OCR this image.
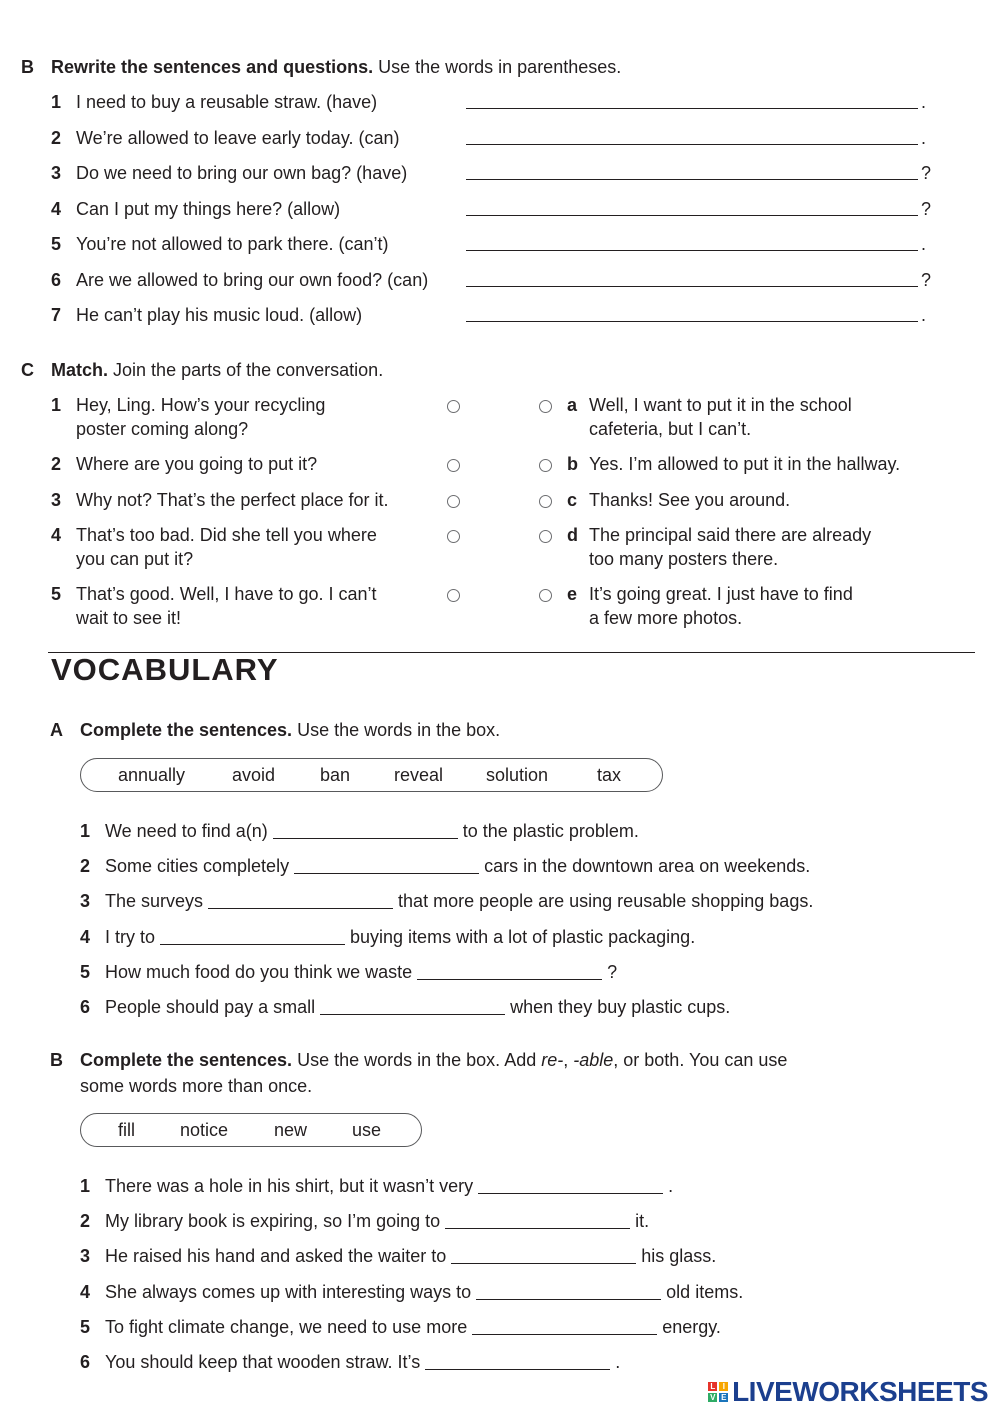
B Rewrite the sentences and questions. Use the words in parentheses.
1 I need to buy a reusable straw. (have)	.
2 We’re allowed to leave early today. (can)	.
3 Do we need to bring our own bag? (have)	?
4 Can I put my things here? (allow)	?
5 You’re not allowed to park there. (can’t)	.
6 Are we allowed to bring our own food? (can)	?
7 He can’t play his music loud. (allow)	.
C Match. Join the parts of the conversation.
1 Hey, Ling. How’s your recycling
poster coming along?
2 Where are you going to put it?
3 Why not? That’s the perfect place for it.
4 That’s too bad. Did she tell you where
you can put it?
5 That’s good. Well, I have to go. I can’t
wait to see it!
a Well, I want to put it in the school
cafeteria, but I can’t.
b Yes. I’m allowed to put it in the hallway.
c Thanks! See you around.
d The principal said there are already
too many posters there.
e It’s going great. I just have to find
a few more photos.
VOCABULARY
A Complete the sentences. Use the words in the box.
annually	avoid ban reveal solution	tax
1 We need to find a(n)	to the plastic problem.
2 Some cities completely	cars in the downtown area on weekends.
3 The surveys	that more people are using reusable shopping bags.
4 I try to	buying items with a lot of plastic packaging.
5 How much food do you think we waste	?
6 People should pay a small	when they buy plastic cups.
B Complete the sentences. Use the words in the box. Add re-, -able, or both. You can use
some words more than once.
fill	notice	new use
1 There was a hole in his shirt, but it wasn’t very	.
2 My library book is expiring, so I’m going to	it.
3 He raised his hand and asked the waiter to	his glass.
4 She always comes up with interesting ways to	old items.
5 To fight climate change, we need to use more	energy.
6 You should keep that wooden straw. It’s	.
L I
V E LIVEWORKSHEETS
